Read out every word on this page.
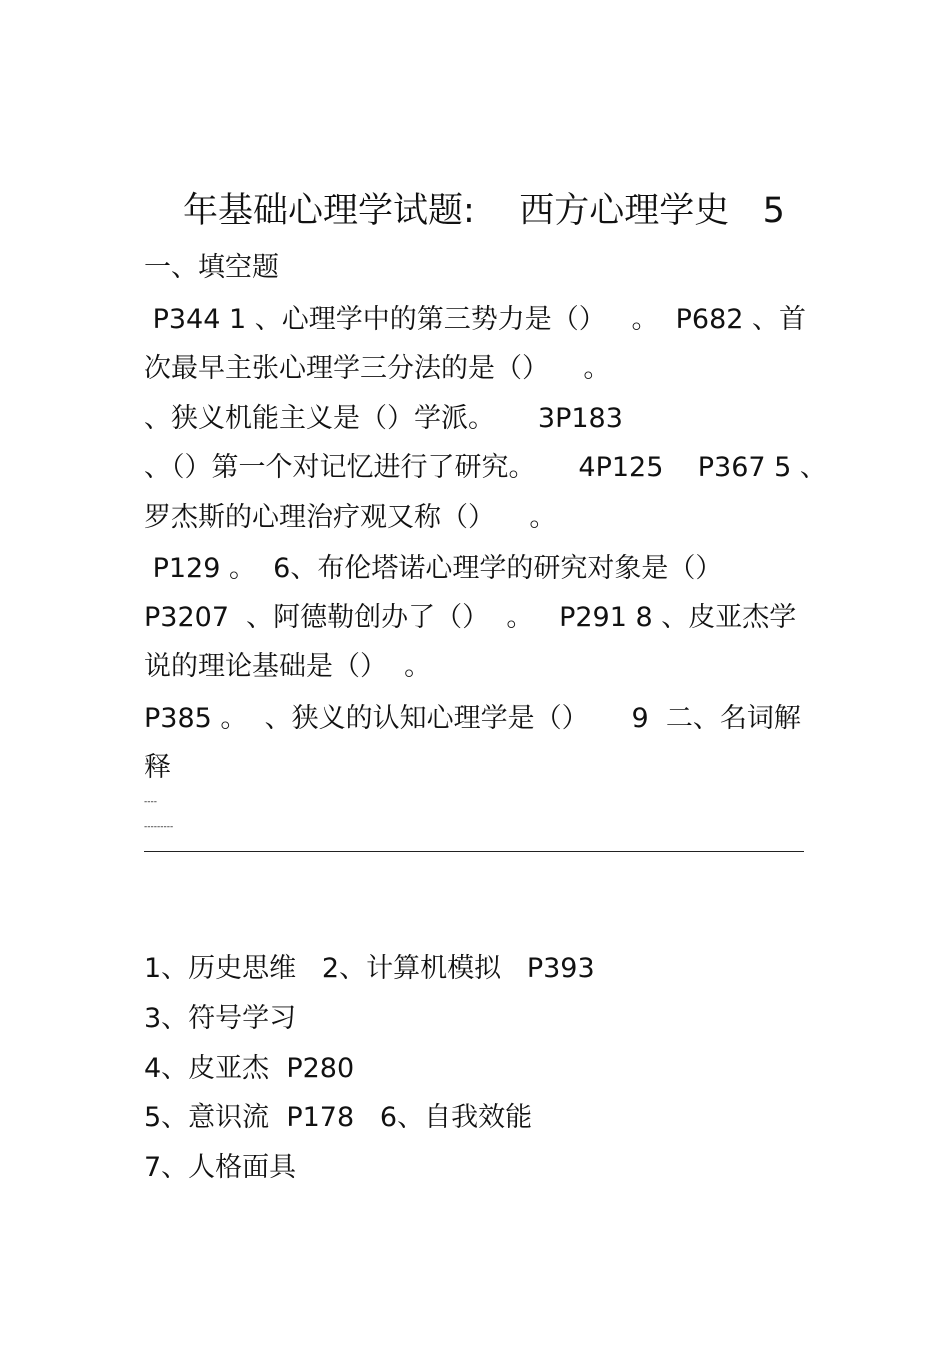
年基础心理学试题:    西方心理学史   5
一、填空题
P344 1 、心理学中的第三势力是（）   。  P682 、首
次最早主张心理学三分法的是（）    。
、狭义机能主义是（）学派。     3P183
、（）第一个对记忆进行了研究。     4P125    P367 5 、
罗杰斯的心理治疗观又称（）    。
P129 。  6、布伦塔诺心理学的研究对象是（）
P3207  、阿德勒创办了（）  。   P291 8 、皮亚杰学
说的理论基础是（）  。
P385 。  、狭义的认知心理学是（）     9  二、名词解
释
----
---------
1、历史思维   2、计算机模拟   P393
3、符号学习
4、皮亚杰  P280
5、意识流  P178   6、自我效能
7、人格面具
